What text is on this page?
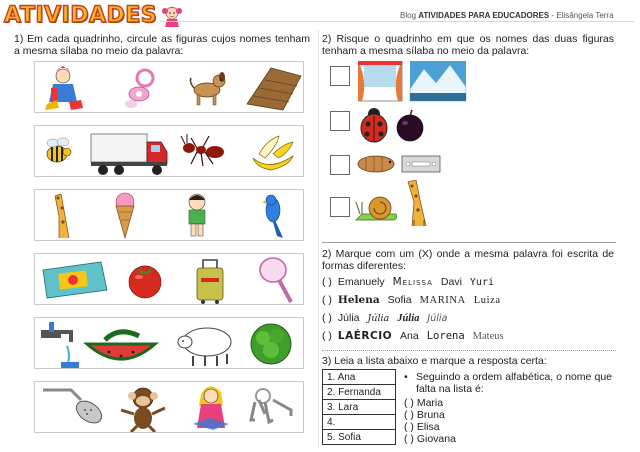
ATIVIDADES	Blog ATIVIDADES PARA EDUCADORES - Elisângela Terra
1) Em cada quadrinho, circule as figuras cujos nomes tenham a mesma sílaba no meio da palavra:
2) Risque o quadrinho em que os nomes das duas figuras tenham a mesma sílaba no meio da palavra:
2) Marque com um (X) onde a mesma palavra foi escrita de
formas diferentes:
( ) Emanuely Melissa Davi Yuri
( ) Helena Sofia MARINA Luiza
( ) Júlia Júlia Júlia Júlia
( ) LAÉRCIO Ana Lorena Mateus
3) Leia a lista abaixo e marque a resposta certa:
1. Ana
2. Fernanda
3. Lara
4.
5. Sofia
• Seguindo a ordem alfabética, o nome que falta na lista é:
( ) Maria
( ) Bruna
( ) Elisa
( ) Giovana
